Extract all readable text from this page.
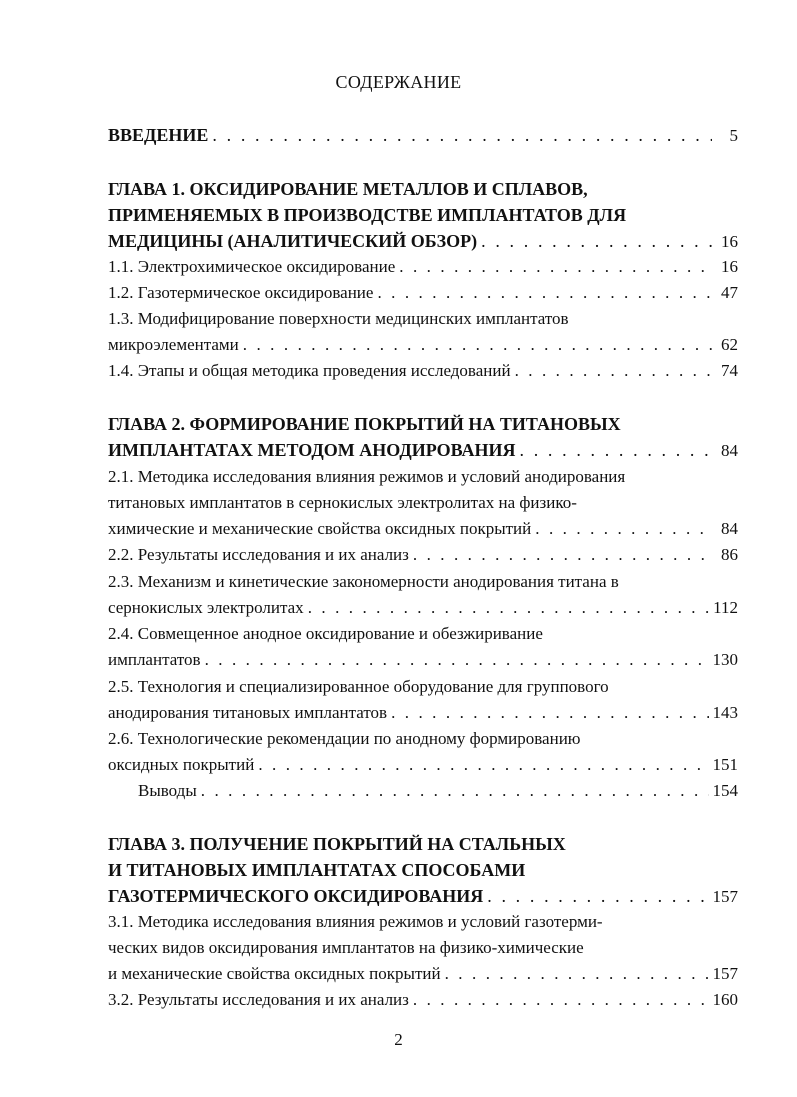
СОДЕРЖАНИЕ
ВВЕДЕНИЕ . . .	5
ГЛАВА 1. ОКСИДИРОВАНИЕ МЕТАЛЛОВ И СПЛАВОВ,
ПРИМЕНЯЕМЫХ В ПРОИЗВОДСТВЕ ИМПЛАНТАТОВ ДЛЯ
МЕДИЦИНЫ (АНАЛИТИЧЕСКИЙ ОБЗОР) . . .	16
1.1. Электрохимическое оксидирование . . .	16
1.2. Газотермическое оксидирование . . .	47
1.3. Модифицирование поверхности медицинских имплантатов
микроэлементами . . .	62
1.4. Этапы и общая методика проведения исследований . . .	74
ГЛАВА 2. ФОРМИРОВАНИЕ ПОКРЫТИЙ НА ТИТАНОВЫХ
ИМПЛАНТАТАХ МЕТОДОМ АНОДИРОВАНИЯ . . .	84
2.1. Методика исследования влияния режимов и условий анодирования
титановых имплантатов в сернокислых электролитах на физико-
химические и механические свойства оксидных покрытий . . .	84
2.2. Результаты исследования и их анализ . . .	86
2.3. Механизм и кинетические закономерности анодирования титана в
сернокислых электролитах . . .	112
2.4. Совмещенное анодное оксидирование и обезжиривание
имплантатов . . .	130
2.5. Технология и специализированное оборудование для группового
анодирования титановых имплантатов . . .	143
2.6. Технологические рекомендации по анодному формированию
оксидных покрытий . . .	151
Выводы . . .	154
ГЛАВА 3. ПОЛУЧЕНИЕ ПОКРЫТИЙ НА СТАЛЬНЫХ
И ТИТАНОВЫХ ИМПЛАНТАТАХ СПОСОБАМИ
ГАЗОТЕРМИЧЕСКОГО ОКСИДИРОВАНИЯ . . .	157
3.1. Методика исследования влияния режимов и условий газотерми-
ческих видов оксидирования имплантатов на физико-химические
и механические свойства оксидных покрытий . . .	157
3.2. Результаты исследования и их анализ . . .	160
2
